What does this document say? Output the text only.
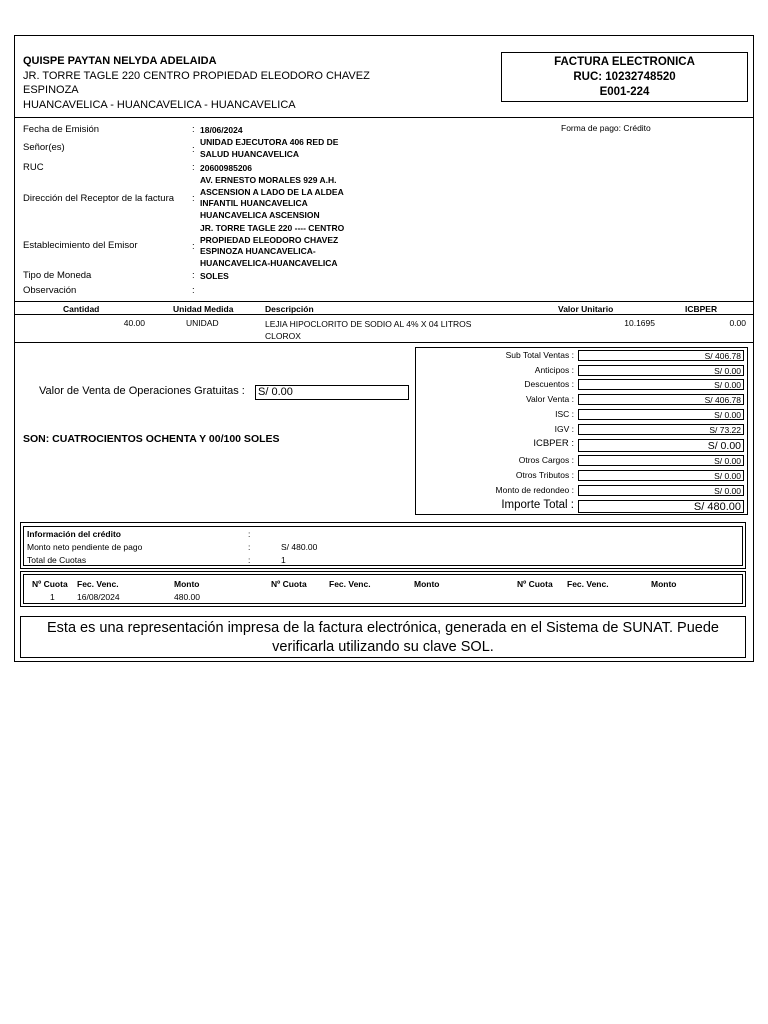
QUISPE PAYTAN NELYDA ADELAIDA
JR. TORRE TAGLE 220 CENTRO PROPIEDAD ELEODORO CHAVEZ
ESPINOZA
HUANCAVELICA - HUANCAVELICA - HUANCAVELICA
FACTURA ELECTRONICA
RUC: 10232748520
E001-224
Fecha de Emisión	: 18/06/2024	Forma de pago: Crédito
Señor(es)	:
UNIDAD EJECUTORA 406 RED DE
SALUD HUANCAVELICA
RUC	: 20600985206
Dirección del Receptor de la factura :
AV. ERNESTO MORALES 929 A.H.
ASCENSION A LADO DE LA ALDEA
INFANTIL HUANCAVELICA
HUANCAVELICA ASCENSION
Establecimiento del Emisor	:
JR. TORRE TAGLE 220 ---- CENTRO
PROPIEDAD ELEODORO CHAVEZ
ESPINOZA HUANCAVELICA-
HUANCAVELICA-HUANCAVELICA
Tipo de Moneda	: SOLES
Observación	:
Cantidad	Unidad Medida	Descripción	Valor Unitario	ICBPER
40.00	UNIDAD	LEJIA HIPOCLORITO DE SODIO AL 4% X 04 LITROS
CLOROX
10.1695	0.00
Valor de Venta de Operaciones Gratuitas : S/ 0.00
SON: CUATROCIENTOS OCHENTA Y 00/100 SOLES
Sub Total Ventas :	S/ 406.78
Anticipos :	S/ 0.00
Descuentos :	S/ 0.00
Valor Venta :	S/ 406.78
ISC :	S/ 0.00
IGV :	S/ 73.22
ICBPER :	S/ 0.00
Otros Cargos :	S/ 0.00
Otros Tributos :	S/ 0.00
Monto de redondeo :	S/ 0.00
Importe Total :	S/ 480.00
Información del crédito	:
Monto neto pendiente de pago	:	S/ 480.00
Total de Cuotas	:	1
Nº Cuota Fec. Venc.	Monto	Nº Cuota	Fec. Venc.	Monto	Nº Cuota Fec. Venc.	Monto
1	16/08/2024	480.00
Esta es una representación impresa de la factura electrónica, generada en el Sistema de SUNAT. Puede
verificarla utilizando su clave SOL.
